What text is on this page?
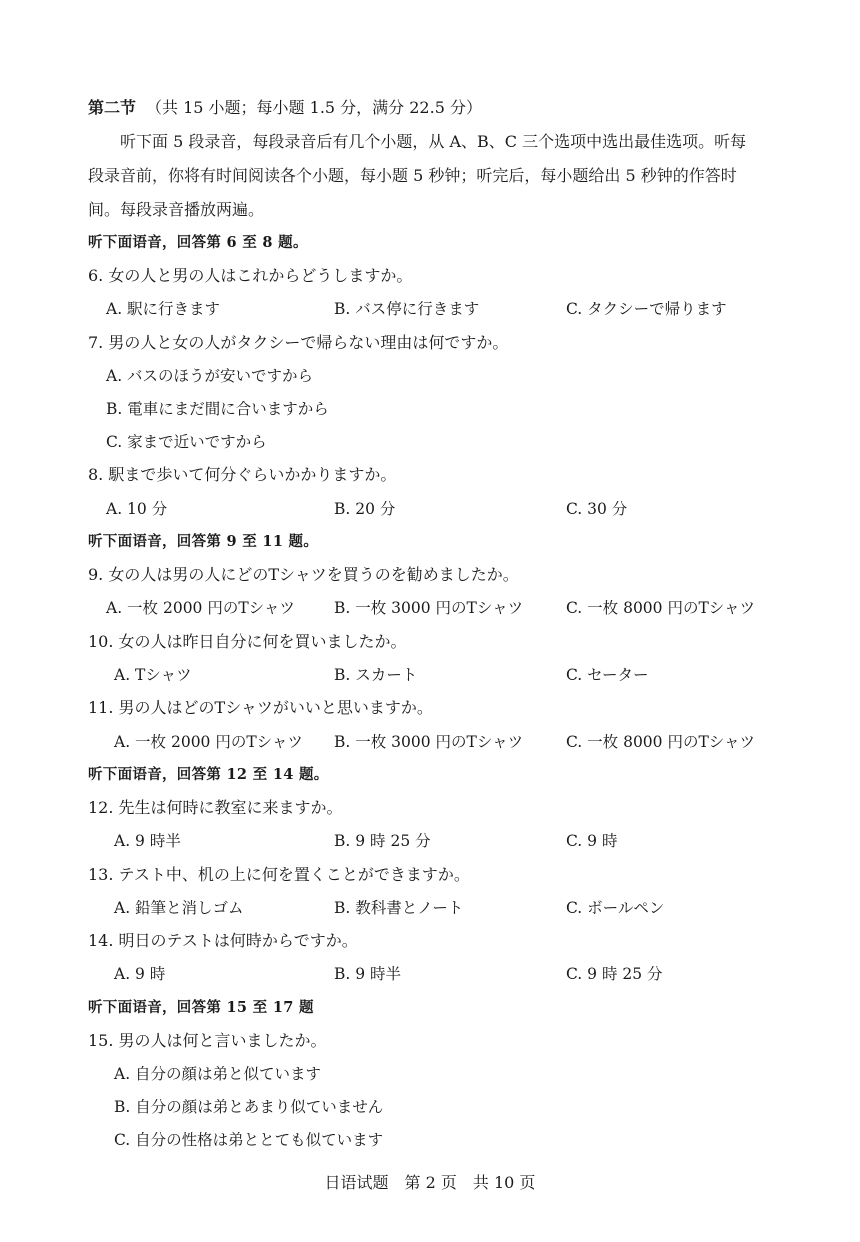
第二节 （共 15 小题；每小题 1.5 分，满分 22.5 分）
听下面 5 段录音，每段录音后有几个小题，从 A、B、C 三个选项中选出最佳选项。听每
段录音前，你将有时间阅读各个小题，每小题 5 秒钟；听完后，每小题给出 5 秒钟的作答时
间。每段录音播放两遍。
听下面语音，回答第 6 至 8 题。
6. 女の人と男の人はこれからどうしますか。
A. 駅に行きます	B. バス停に行きます	C. タクシーで帰ります
7. 男の人と女の人がタクシーで帰らない理由は何ですか。
A. バスのほうが安いですから
B. 電車にまだ間に合いますから
C. 家まで近いですから
8. 駅まで歩いて何分ぐらいかかりますか。
A. 10 分	B. 20 分	C. 30 分
听下面语音，回答第 9 至 11 题。
9. 女の人は男の人にどのTシャツを買うのを勧めましたか。
A. 一枚 2000 円のTシャツ	B. 一枚 3000 円のTシャツ	C. 一枚 8000 円のTシャツ
10. 女の人は昨日自分に何を買いましたか。
A. Tシャツ	B. スカート	C. セーター
11. 男の人はどのTシャツがいいと思いますか。
A. 一枚 2000 円のTシャツ B. 一枚 3000 円のTシャツ	C. 一枚 8000 円のTシャツ
听下面语音，回答第 12 至 14 题。
12. 先生は何時に教室に来ますか。
A. 9 時半	B. 9 時 25 分	C. 9 時
13. テスト中、机の上に何を置くことができますか。
A. 鉛筆と消しゴム	B. 教科書とノート	C. ボールペン
14. 明日のテストは何時からですか。
A. 9 時	B. 9 時半	C. 9 時 25 分
听下面语音，回答第 15 至 17 题
15. 男の人は何と言いましたか。
A. 自分の顔は弟と似ています
B. 自分の顔は弟とあまり似ていません
C. 自分の性格は弟ととても似ています
日语试题　第 2 页　共 10 页
